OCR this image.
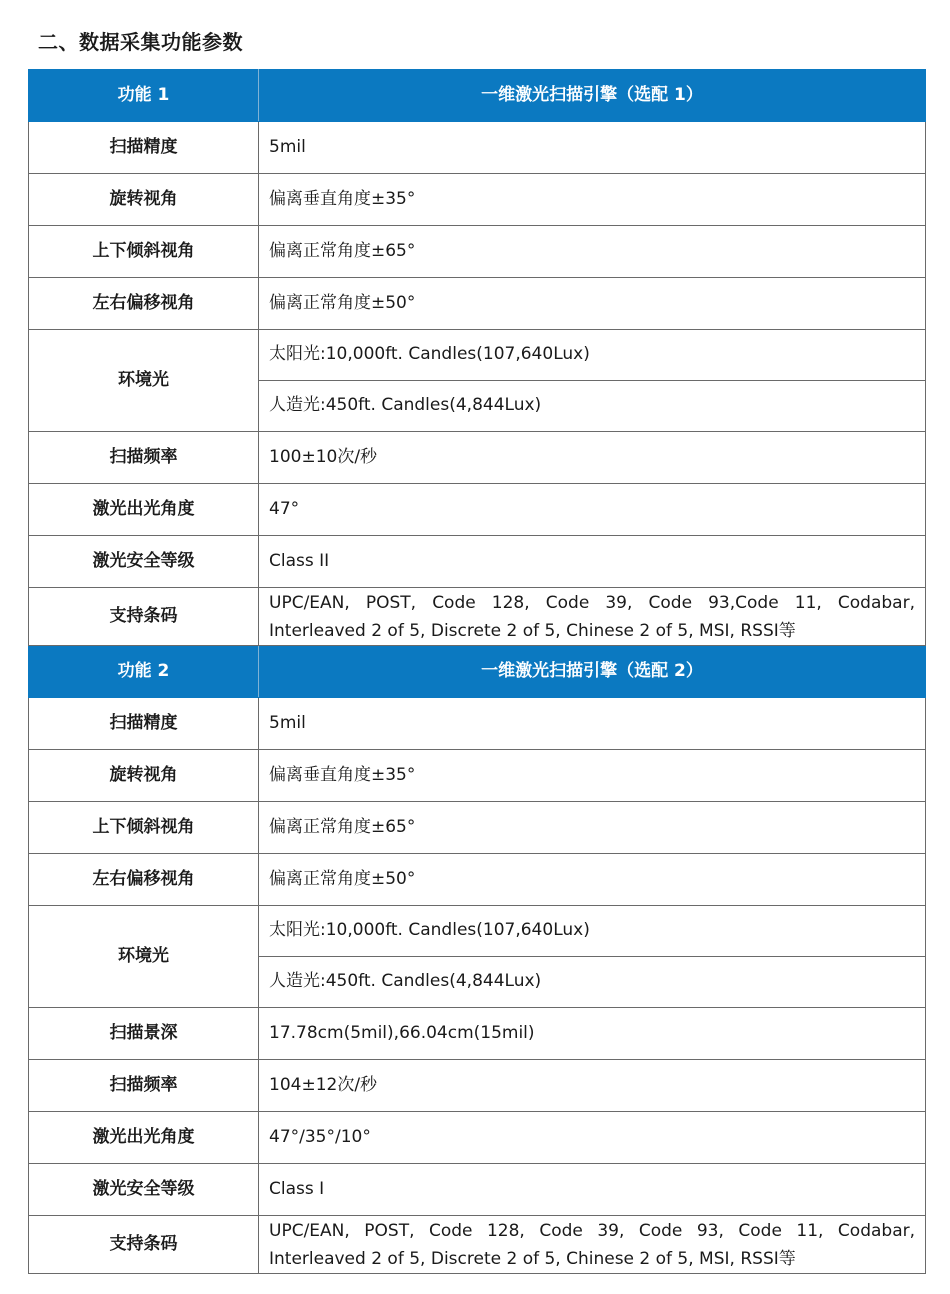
二、数据采集功能参数
功能 1	一维激光扫描引擎（选配 1）
扫描精度	5mil
旋转视角	偏离垂直角度±35°
上下倾斜视角	偏离正常角度±65°
左右偏移视角	偏离正常角度±50°
环境光	太阳光:10,000ft. Candles(107,640Lux)
	人造光:450ft. Candles(4,844Lux)
扫描频率	100±10次/秒
激光出光角度	47°
激光安全等级	Class II
支持条码	UPC/EAN, POST, Code 128, Code 39, Code 93,Code 11, Codabar, Interleaved 2 of 5, Discrete 2 of 5, Chinese 2 of 5, MSI, RSSI等
功能 2	一维激光扫描引擎（选配 2）
扫描精度	5mil
旋转视角	偏离垂直角度±35°
上下倾斜视角	偏离正常角度±65°
左右偏移视角	偏离正常角度±50°
环境光	太阳光:10,000ft. Candles(107,640Lux)
	人造光:450ft. Candles(4,844Lux)
扫描景深	17.78cm(5mil),66.04cm(15mil)
扫描频率	104±12次/秒
激光出光角度	47°/35°/10°
激光安全等级	Class I
支持条码	UPC/EAN, POST, Code 128, Code 39, Code 93, Code 11, Codabar, Interleaved 2 of 5, Discrete 2 of 5, Chinese 2 of 5, MSI, RSSI等
